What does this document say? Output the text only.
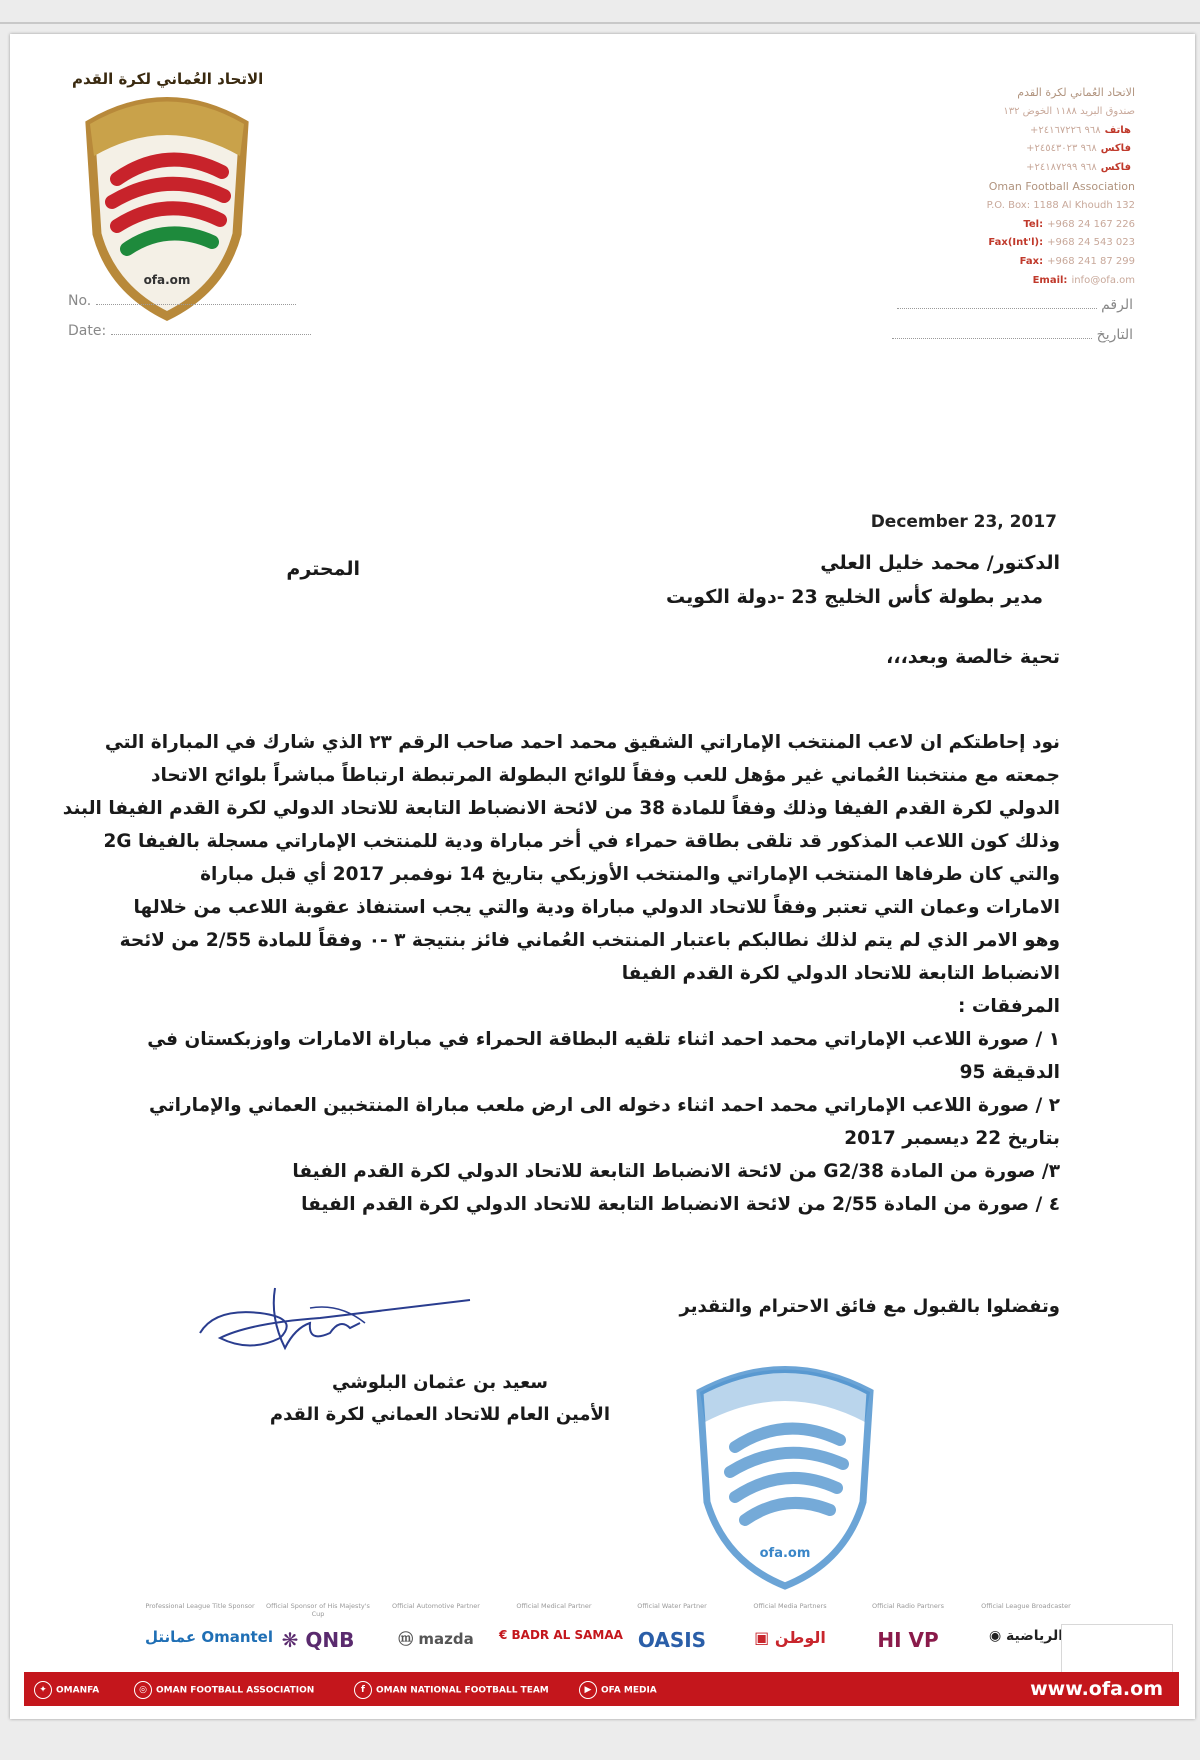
الاتحاد العُماني لكرة القدم
ofa.om
الاتحاد العُماني لكرة القدم
صندوق البريد ١١٨٨ الخوض ١٣٢
هاتف٩٦٨ ٢٤١٦٧٢٢٦+
فاكس٩٦٨ ٢٤٥٤٣٠٢٣+
فاكس٩٦٨ ٢٤١٨٧٢٩٩+
Oman Football Association
P.O. Box: 1188 Al Khoudh 132
Tel: +968 24 167 226
Fax(Int'l): +968 24 543 023
Fax: +968 241 87 299
Email: info@ofa.om
No.
Date:
الرقم
التاريخ
December 23, 2017
الدكتور/ محمد خليل العلي
المحترم
مدير بطولة كأس الخليج 23 -دولة الكويت
تحية خالصة وبعد،،،
نود إحاطتكم ان لاعب المنتخب الإماراتي الشقيق محمد احمد صاحب الرقم ٢٣ الذي شارك في المباراة التي
جمعته مع منتخبنا العُماني غير مؤهل للعب وفقاً للوائح البطولة المرتبطة ارتباطاً مباشراً بلوائح الاتحاد
الدولي لكرة القدم الفيفا وذلك وفقاً للمادة 38 من لائحة الانضباط التابعة للاتحاد الدولي لكرة القدم الفيفا البند
وذلك كون اللاعب المذكور قد تلقى بطاقة حمراء في أخر مباراة ودية للمنتخب الإماراتي مسجلة بالفيفا 2G
والتي كان طرفاها المنتخب الإماراتي والمنتخب الأوزبكي بتاريخ 14 نوفمبر 2017 أي قبل مباراة
الامارات وعمان التي تعتبر وفقاً للاتحاد الدولي مباراة ودية والتي يجب استنفاذ عقوبة اللاعب من خلالها
وهو الامر الذي لم يتم لذلك نطالبكم باعتبار المنتخب العُماني فائز بنتيجة ٣ -٠ وفقاً للمادة 2/55 من لائحة
الانضباط التابعة للاتحاد الدولي لكرة القدم الفيفا
المرفقات :
١ / صورة اللاعب الإماراتي محمد احمد اثناء تلقيه البطاقة الحمراء في مباراة الامارات واوزبكستان في
الدقيقة 95
٢ / صورة اللاعب الإماراتي محمد احمد اثناء دخوله الى ارض ملعب مباراة المنتخبين العماني والإماراتي
بتاريخ 22 ديسمبر 2017
٣/ صورة من المادة G2/38 من لائحة الانضباط التابعة للاتحاد الدولي لكرة القدم الفيفا
٤ / صورة من المادة 2/55 من لائحة الانضباط التابعة للاتحاد الدولي لكرة القدم الفيفا
وتفضلوا بالقبول مع فائق الاحترام والتقدير
سعيد بن عثمان البلوشي
الأمين العام للاتحاد العماني لكرة القدم
ofa.om
Professional League Title Sponsor
عمانتل Omantel
Official Sponsor of His Majesty's Cup
❋ QNB
Official Automotive Partner
ⓜ mazda
Official Medical Partner
€ BADR AL SAMAA
Official Water Partner
OASIS
Official Media Partners
▣ الوطن
Official Radio Partners
HI VP
Official League Broadcaster
◉ الرياضية
✦ OMANFA	◎ OMAN FOOTBALL ASSOCIATION	f OMAN NATIONAL FOOTBALL TEAM	▶ OFA MEDIA	www.ofa.om
